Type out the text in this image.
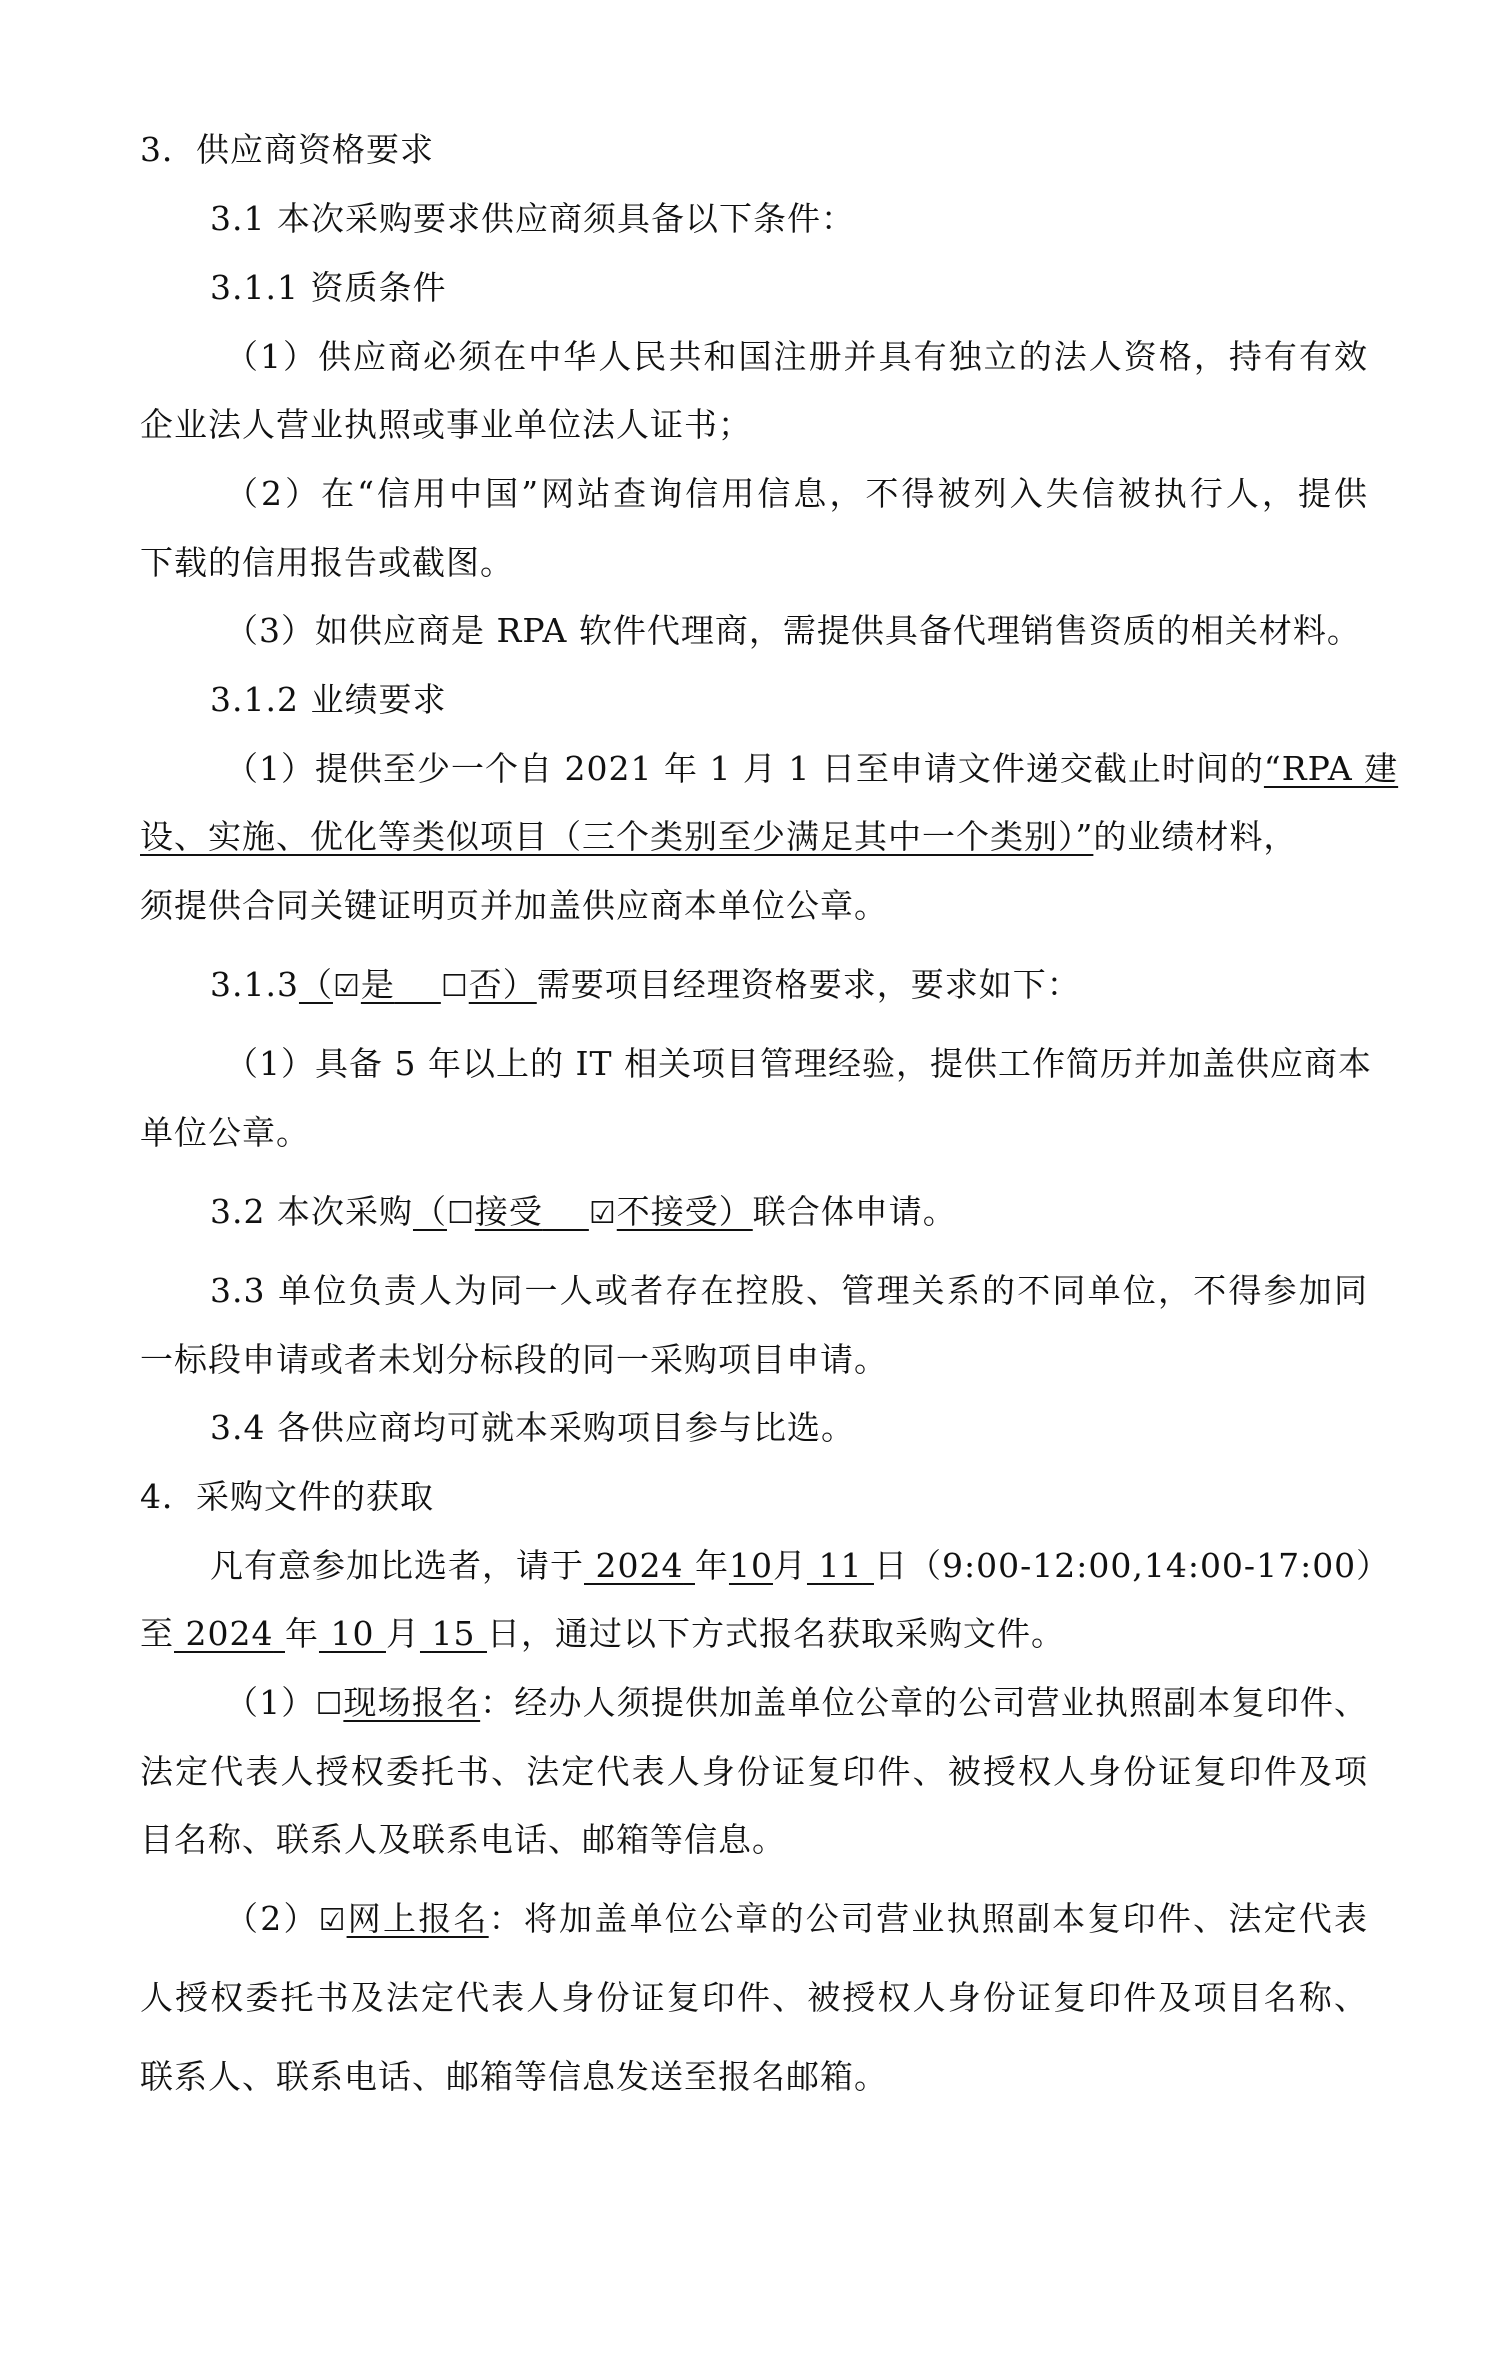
3．供应商资格要求
3.1 本次采购要求供应商须具备以下条件：
3.1.1 资质条件
（1）供应商必须在中华人民共和国注册并具有独立的法人资格，持有有效
企业法人营业执照或事业单位法人证书；
（2）在“信用中国”网站查询信用信息，不得被列入失信被执行人，提供
下载的信用报告或截图。
（3）如供应商是 RPA 软件代理商，需提供具备代理销售资质的相关材料。
3.1.2 业绩要求
（1）提供至少一个自 2021 年 1 月 1 日至申请文件递交截止时间的“RPA 建
设、实施、优化等类似项目（三个类别至少满足其中一个类别）”的业绩材料，
须提供合同关键证明页并加盖供应商本单位公章。
3.1.3（☑是 ☐否）需要项目经理资格要求，要求如下：
（1）具备 5 年以上的 IT 相关项目管理经验，提供工作简历并加盖供应商本
单位公章。
3.2 本次采购（☐接受 ☑不接受）联合体申请。
3.3 单位负责人为同一人或者存在控股、管理关系的不同单位，不得参加同
一标段申请或者未划分标段的同一采购项目申请。
3.4 各供应商均可就本采购项目参与比选。
4．采购文件的获取
凡有意参加比选者，请于 2024 年10月 11 日（9:00-12:00,14:00-17:00）
至 2024 年 10 月 15 日，通过以下方式报名获取采购文件。
（1）☐现场报名：经办人须提供加盖单位公章的公司营业执照副本复印件、
法定代表人授权委托书、法定代表人身份证复印件、被授权人身份证复印件及项
目名称、联系人及联系电话、邮箱等信息。
（2）☑网上报名：将加盖单位公章的公司营业执照副本复印件、法定代表
人授权委托书及法定代表人身份证复印件、被授权人身份证复印件及项目名称、
联系人、联系电话、邮箱等信息发送至报名邮箱。
